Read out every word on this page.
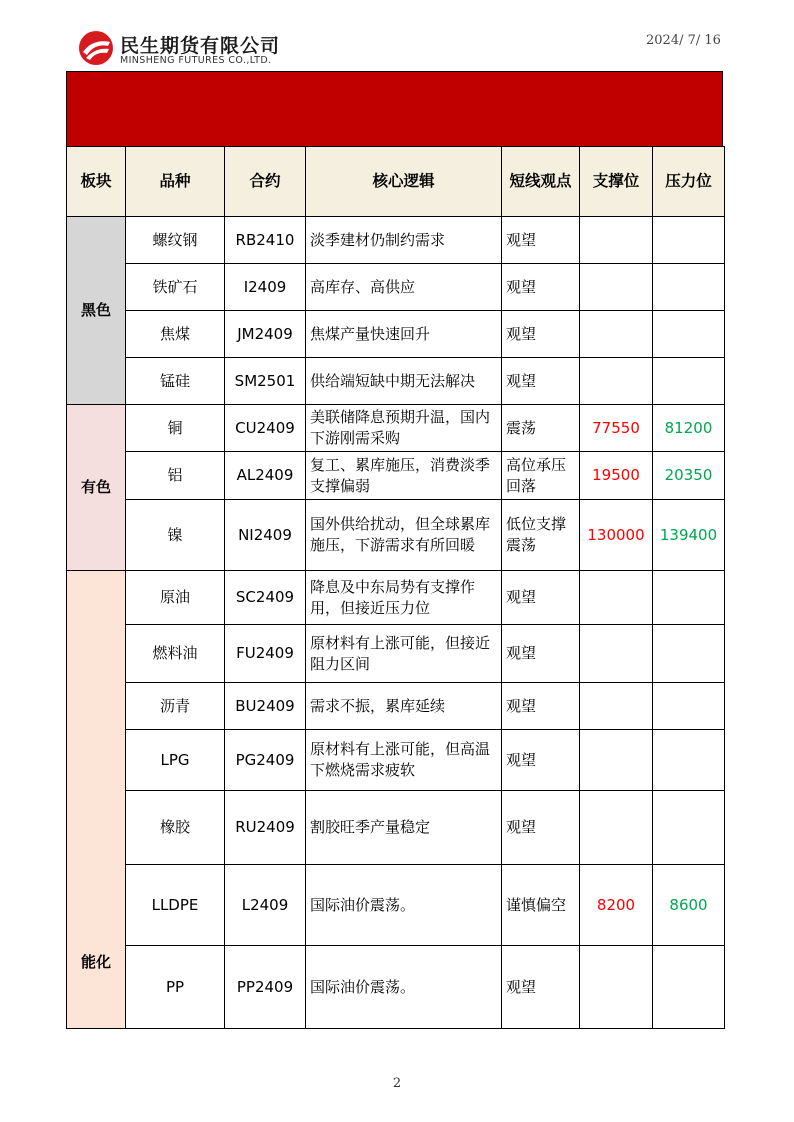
民生期货有限公司
MINSHENG FUTURES CO.,LTD.
2024/ 7/ 16
板块	品种	合约	核心逻辑	短线观点	支撑位	压力位
黑色	螺纹钢	RB2410	淡季建材仍制约需求	观望		
	铁矿石	I2409	高库存、高供应	观望		
	焦煤	JM2409	焦煤产量快速回升	观望		
	锰硅	SM2501	供给端短缺中期无法解决	观望		
有色	铜	CU2409	美联储降息预期升温，国内下游刚需采购	震荡	77550	81200
	铝	AL2409	复工、累库施压，消费淡季支撑偏弱	高位承压回落	19500	20350
	镍	NI2409	国外供给扰动，但全球累库施压，下游需求有所回暖	低位支撑震荡	130000	139400
能化	原油	SC2409	降息及中东局势有支撑作用，但接近压力位	观望		
	燃料油	FU2409	原材料有上涨可能，但接近阻力区间	观望		
	沥青	BU2409	需求不振，累库延续	观望		
	LPG	PG2409	原材料有上涨可能，但高温下燃烧需求疲软	观望		
	橡胶	RU2409	割胶旺季产量稳定	观望		
	LLDPE	L2409	国际油价震荡。	谨慎偏空	8200	8600
	PP	PP2409	国际油价震荡。	观望		
2
